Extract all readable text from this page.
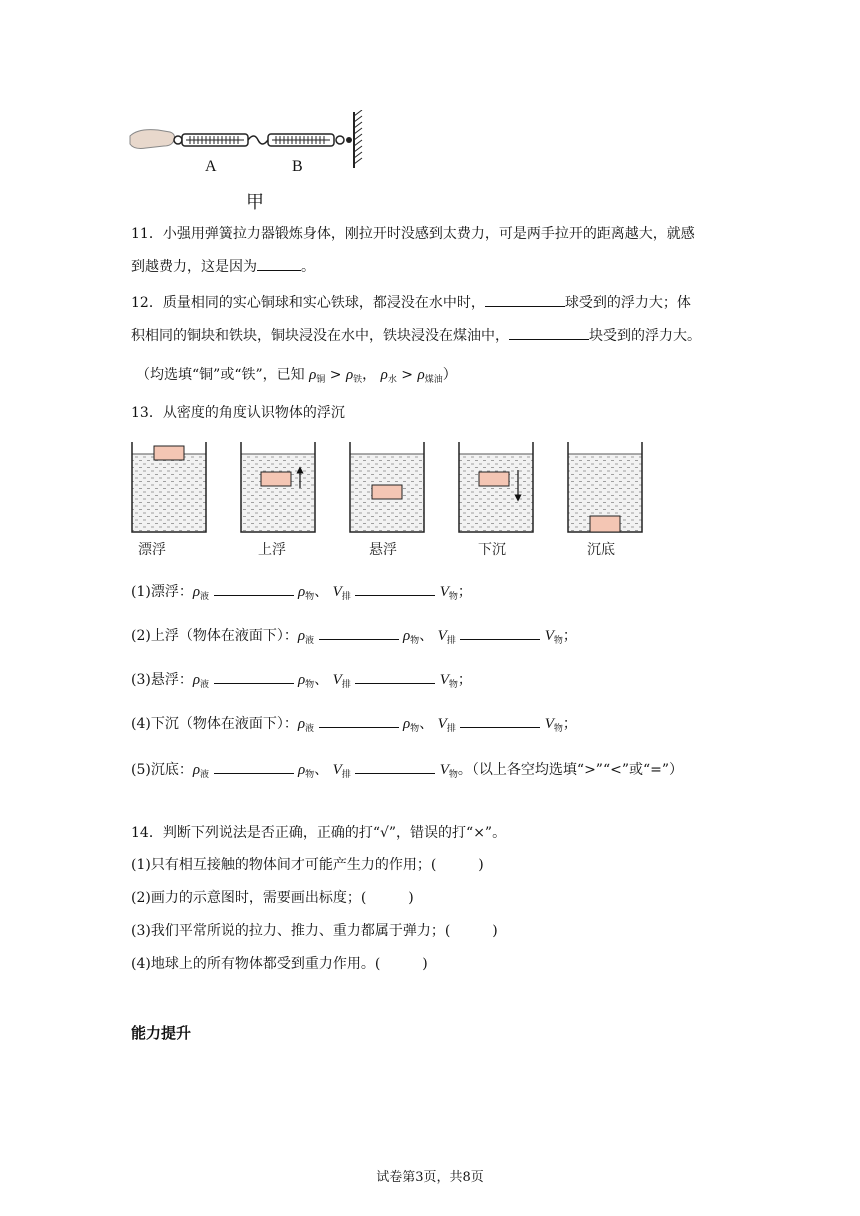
A	B
甲
11．小强用弹簧拉力器锻炼身体，刚拉开时没感到太费力，可是两手拉开的距离越大，就感
到越费力，这是因为	。
12．质量相同的实心铜球和实心铁球，都浸没在水中时，	球受到的浮力大；体
积相同的铜块和铁块，铜块浸没在水中，铁块浸没在煤油中，	块受到的浮力大。
（均选填“铜”或“铁”，已知 $\rho_铜 > \rho_铁$， $\rho_水 > \rho_{煤油}$）
13．从密度的角度认识物体的浮沉
漂浮	上浮	悬浮	下沉	沉底
(1)漂浮：$\rho_液$	$\rho_物$、 $V_排$	$V_物$；
(2)上浮（物体在液面下）：$\rho_液$	$\rho_物$、 $V_排$	$V_物$；
(3)悬浮：$\rho_液$	$\rho_物$、 $V_排$	$V_物$；
(4)下沉（物体在液面下）：$\rho_液$	$\rho_物$、 $V_排$	$V_物$；
(5)沉底：$\rho_液$	$\rho_物$、 $V_排$	$V_物$。（以上各空均选填“>”“<”或“=”）
14．判断下列说法是否正确，正确的打“√”，错误的打“×”。
(1)只有相互接触的物体间才可能产生力的作用；(　　　)
(2)画力的示意图时，需要画出标度；(　　　)
(3)我们平常所说的拉力、推力、重力都属于弹力；(　　　)
(4)地球上的所有物体都受到重力作用。(　　　)
能力提升
试卷第3页，共8页
